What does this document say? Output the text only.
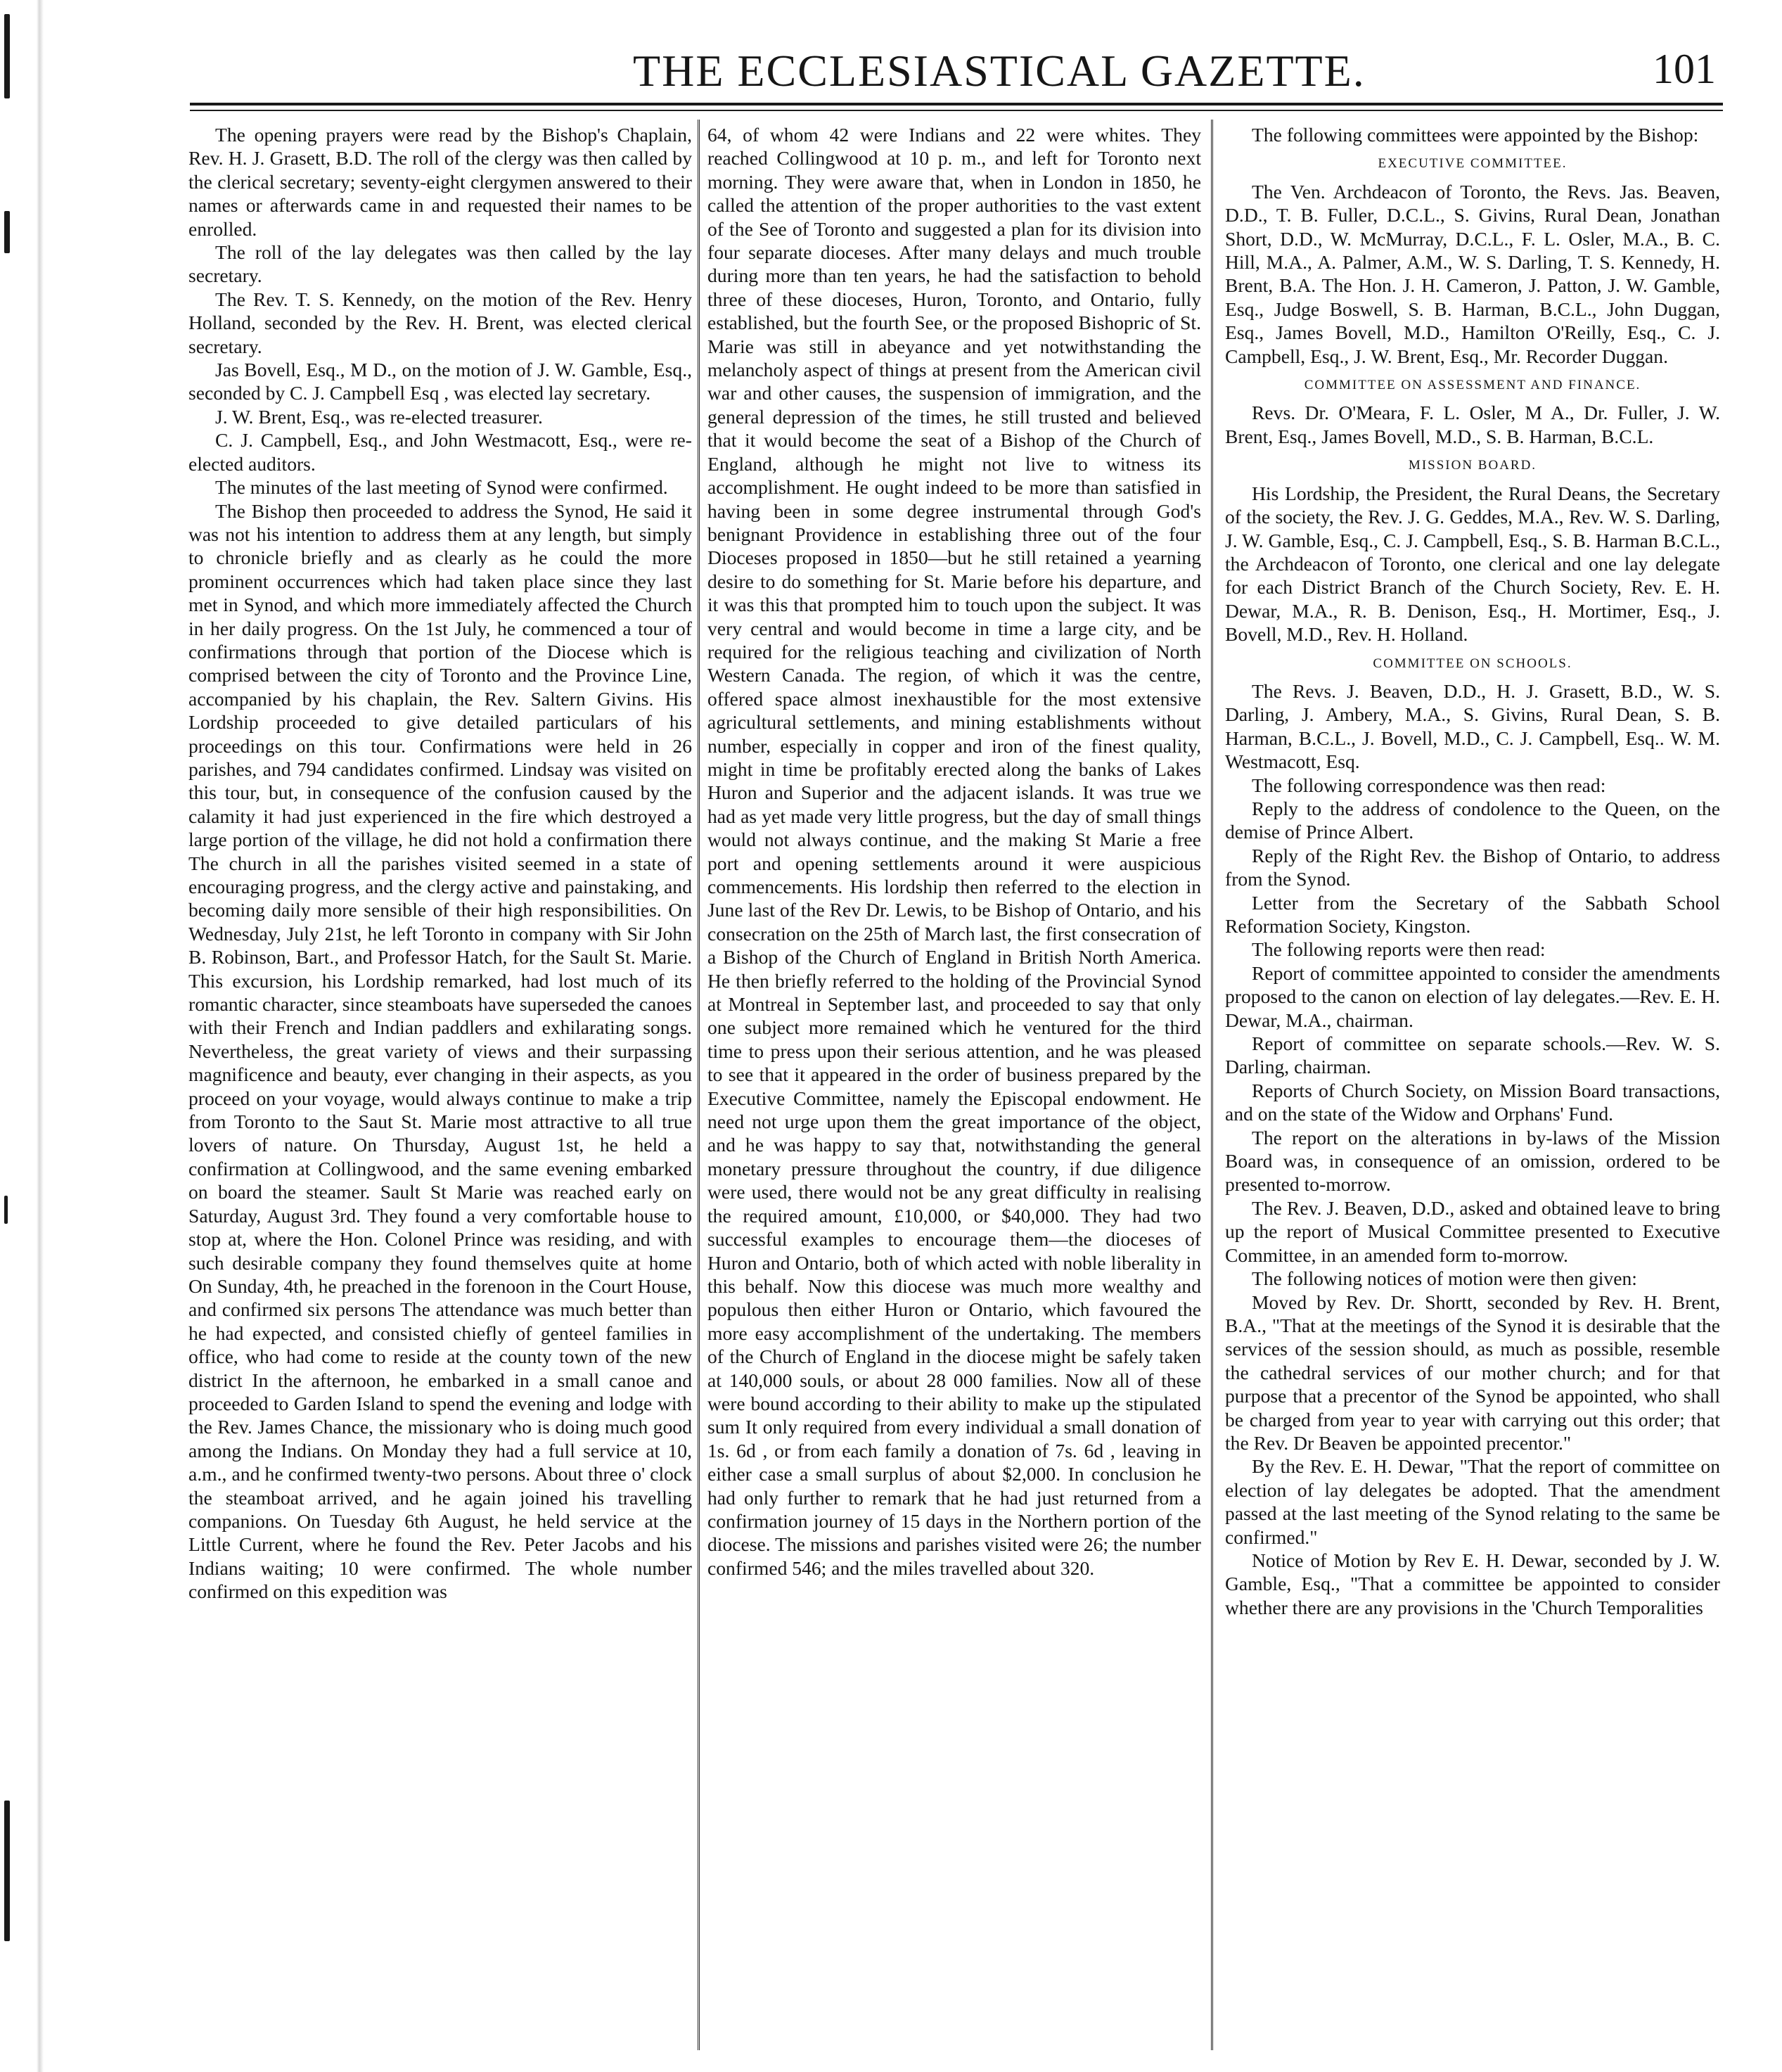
THE ECCLESIASTICAL GAZETTE.	101

The opening prayers were read by the Bishop's Chaplain, Rev. H. J. Grasett, B.D. The roll of the clergy was then called by the clerical secretary; seventy-eight clergymen answered to their names or afterwards came in and requested their names to be enrolled.

The roll of the lay delegates was then called by the lay secretary.

The Rev. T. S. Kennedy, on the motion of the Rev. Henry Holland, seconded by the Rev. H. Brent, was elected clerical secretary.

Jas Bovell, Esq., M D., on the motion of J. W. Gamble, Esq., seconded by C. J. Campbell Esq , was elected lay secretary.

J. W. Brent, Esq., was re-elected treasurer.

C. J. Campbell, Esq., and John Westmacott, Esq., were re-elected auditors.

The minutes of the last meeting of Synod were confirmed.

The Bishop then proceeded to address the Synod, He said it was not his intention to address them at any length, but simply to chronicle briefly and as clearly as he could the more prominent occurrences which had taken place since they last met in Synod, and which more immediately affected the Church in her daily progress. On the 1st July, he commenced a tour of confirmations through that portion of the Diocese which is comprised between the city of Toronto and the Province Line, accompanied by his chaplain, the Rev. Saltern Givins. His Lordship proceeded to give detailed particulars of his proceedings on this tour. Confirmations were held in 26 parishes, and 794 candidates confirmed. Lindsay was visited on this tour, but, in consequence of the confusion caused by the calamity it had just experienced in the fire which destroyed a large portion of the village, he did not hold a confirmation there The church in all the parishes visited seemed in a state of encouraging progress, and the clergy active and painstaking, and becoming daily more sensible of their high responsibilities. On Wednesday, July 21st, he left Toronto in company with Sir John B. Robinson, Bart., and Professor Hatch, for the Sault St. Marie. This excursion, his Lordship remarked, had lost much of its romantic character, since steamboats have superseded the canoes with their French and Indian paddlers and exhilarating songs. Nevertheless, the great variety of views and their surpassing magnificence and beauty, ever changing in their aspects, as you proceed on your voyage, would always continue to make a trip from Toronto to the Saut St. Marie most attractive to all true lovers of nature. On Thursday, August 1st, he held a confirmation at Collingwood, and the same evening embarked on board the steamer. Sault St Marie was reached early on Saturday, August 3rd. They found a very comfortable house to stop at, where the Hon. Colonel Prince was residing, and with such desirable company they found themselves quite at home On Sunday, 4th, he preached in the forenoon in the Court House, and confirmed six persons The attendance was much better than he had expected, and consisted chiefly of genteel families in office, who had come to reside at the county town of the new district In the afternoon, he embarked in a small canoe and proceeded to Garden Island to spend the evening and lodge with the Rev. James Chance, the missionary who is doing much good among the Indians. On Monday they had a full service at 10, a.m., and he confirmed twenty-two persons. About three o' clock the steamboat arrived, and he again joined his travelling companions. On Tuesday 6th August, he held service at the Little Current, where he found the Rev. Peter Jacobs and his Indians waiting; 10 were confirmed. The whole number confirmed on this expedition was

64, of whom 42 were Indians and 22 were whites. They reached Collingwood at 10 p. m., and left for Toronto next morning. They were aware that, when in London in 1850, he called the attention of the proper authorities to the vast extent of the See of Toronto and suggested a plan for its division into four separate dioceses. After many delays and much trouble during more than ten years, he had the satisfaction to behold three of these dioceses, Huron, Toronto, and Ontario, fully established, but the fourth See, or the proposed Bishopric of St. Marie was still in abeyance and yet notwithstanding the melancholy aspect of things at present from the American civil war and other causes, the suspension of immigration, and the general depression of the times, he still trusted and believed that it would become the seat of a Bishop of the Church of England, although he might not live to witness its accomplishment. He ought indeed to be more than satisfied in having been in some degree instrumental through God's benignant Providence in establishing three out of the four Dioceses proposed in 1850—but he still retained a yearning desire to do something for St. Marie before his departure, and it was this that prompted him to touch upon the subject. It was very central and would become in time a large city, and be required for the religious teaching and civilization of North Western Canada. The region, of which it was the centre, offered space almost inexhaustible for the most extensive agricultural settlements, and mining establishments without number, especially in copper and iron of the finest quality, might in time be profitably erected along the banks of Lakes Huron and Superior and the adjacent islands. It was true we had as yet made very little progress, but the day of small things would not always continue, and the making St Marie a free port and opening settlements around it were auspicious commencements. His lordship then referred to the election in June last of the Rev Dr. Lewis, to be Bishop of Ontario, and his consecration on the 25th of March last, the first consecration of a Bishop of the Church of England in British North America. He then briefly referred to the holding of the Provincial Synod at Montreal in September last, and proceeded to say that only one subject more remained which he ventured for the third time to press upon their serious attention, and he was pleased to see that it appeared in the order of business prepared by the Executive Committee, namely the Episcopal endowment. He need not urge upon them the great importance of the object, and he was happy to say that, notwithstanding the general monetary pressure throughout the country, if due diligence were used, there would not be any great difficulty in realising the required amount, £10,000, or $40,000. They had two successful examples to encourage them—the dioceses of Huron and Ontario, both of which acted with noble liberality in this behalf. Now this diocese was much more wealthy and populous then either Huron or Ontario, which favoured the more easy accomplishment of the undertaking. The members of the Church of England in the diocese might be safely taken at 140,000 souls, or about 28 000 families. Now all of these were bound according to their ability to make up the stipulated sum It only required from every individual a small donation of 1s. 6d , or from each family a donation of 7s. 6d , leaving in either case a small surplus of about $2,000. In conclusion he had only further to remark that he had just returned from a confirmation journey of 15 days in the Northern portion of the diocese. The missions and parishes visited were 26; the number confirmed 546; and the miles travelled about 320.

The following committees were appointed by the Bishop:

EXECUTIVE COMMITTEE.

The Ven. Archdeacon of Toronto, the Revs. Jas. Beaven, D.D., T. B. Fuller, D.C.L., S. Givins, Rural Dean, Jonathan Short, D.D., W. McMurray, D.C.L., F. L. Osler, M.A., B. C. Hill, M.A., A. Palmer, A.M., W. S. Darling, T. S. Kennedy, H. Brent, B.A. The Hon. J. H. Cameron, J. Patton, J. W. Gamble, Esq., Judge Boswell, S. B. Harman, B.C.L., John Duggan, Esq., James Bovell, M.D., Hamilton O'Reilly, Esq., C. J. Campbell, Esq., J. W. Brent, Esq., Mr. Recorder Duggan.

COMMITTEE ON ASSESSMENT AND FINANCE.

Revs. Dr. O'Meara, F. L. Osler, M A., Dr. Fuller, J. W. Brent, Esq., James Bovell, M.D., S. B. Harman, B.C.L.

MISSION BOARD.

His Lordship, the President, the Rural Deans, the Secretary of the society, the Rev. J. G. Geddes, M.A., Rev. W. S. Darling, J. W. Gamble, Esq., C. J. Campbell, Esq., S. B. Harman B.C.L., the Archdeacon of Toronto, one clerical and one lay delegate for each District Branch of the Church Society, Rev. E. H. Dewar, M.A., R. B. Denison, Esq., H. Mortimer, Esq., J. Bovell, M.D., Rev. H. Holland.

COMMITTEE ON SCHOOLS.

The Revs. J. Beaven, D.D., H. J. Grasett, B.D., W. S. Darling, J. Ambery, M.A., S. Givins, Rural Dean, S. B. Harman, B.C.L., J. Bovell, M.D., C. J. Campbell, Esq.. W. M. Westmacott, Esq.

The following correspondence was then read:

Reply to the address of condolence to the Queen, on the demise of Prince Albert.

Reply of the Right Rev. the Bishop of Ontario, to address from the Synod.

Letter from the Secretary of the Sabbath School Reformation Society, Kingston.

The following reports were then read:

Report of committee appointed to consider the amendments proposed to the canon on election of lay delegates.—Rev. E. H. Dewar, M.A., chairman.

Report of committee on separate schools.—Rev. W. S. Darling, chairman.

Reports of Church Society, on Mission Board transactions, and on the state of the Widow and Orphans' Fund.

The report on the alterations in by-laws of the Mission Board was, in consequence of an omission, ordered to be presented to-morrow.

The Rev. J. Beaven, D.D., asked and obtained leave to bring up the report of Musical Committee presented to Executive Committee, in an amended form to-morrow.

The following notices of motion were then given:

Moved by Rev. Dr. Shortt, seconded by Rev. H. Brent, B.A., "That at the meetings of the Synod it is desirable that the services of the session should, as much as possible, resemble the cathedral services of our mother church; and for that purpose that a precentor of the Synod be appointed, who shall be charged from year to year with carrying out this order; that the Rev. Dr Beaven be appointed precentor."

By the Rev. E. H. Dewar, "That the report of committee on election of lay delegates be adopted. That the amendment passed at the last meeting of the Synod relating to the same be confirmed."

Notice of Motion by Rev E. H. Dewar, seconded by J. W. Gamble, Esq., "That a committee be appointed to consider whether there are any provisions in the 'Church Temporalities
